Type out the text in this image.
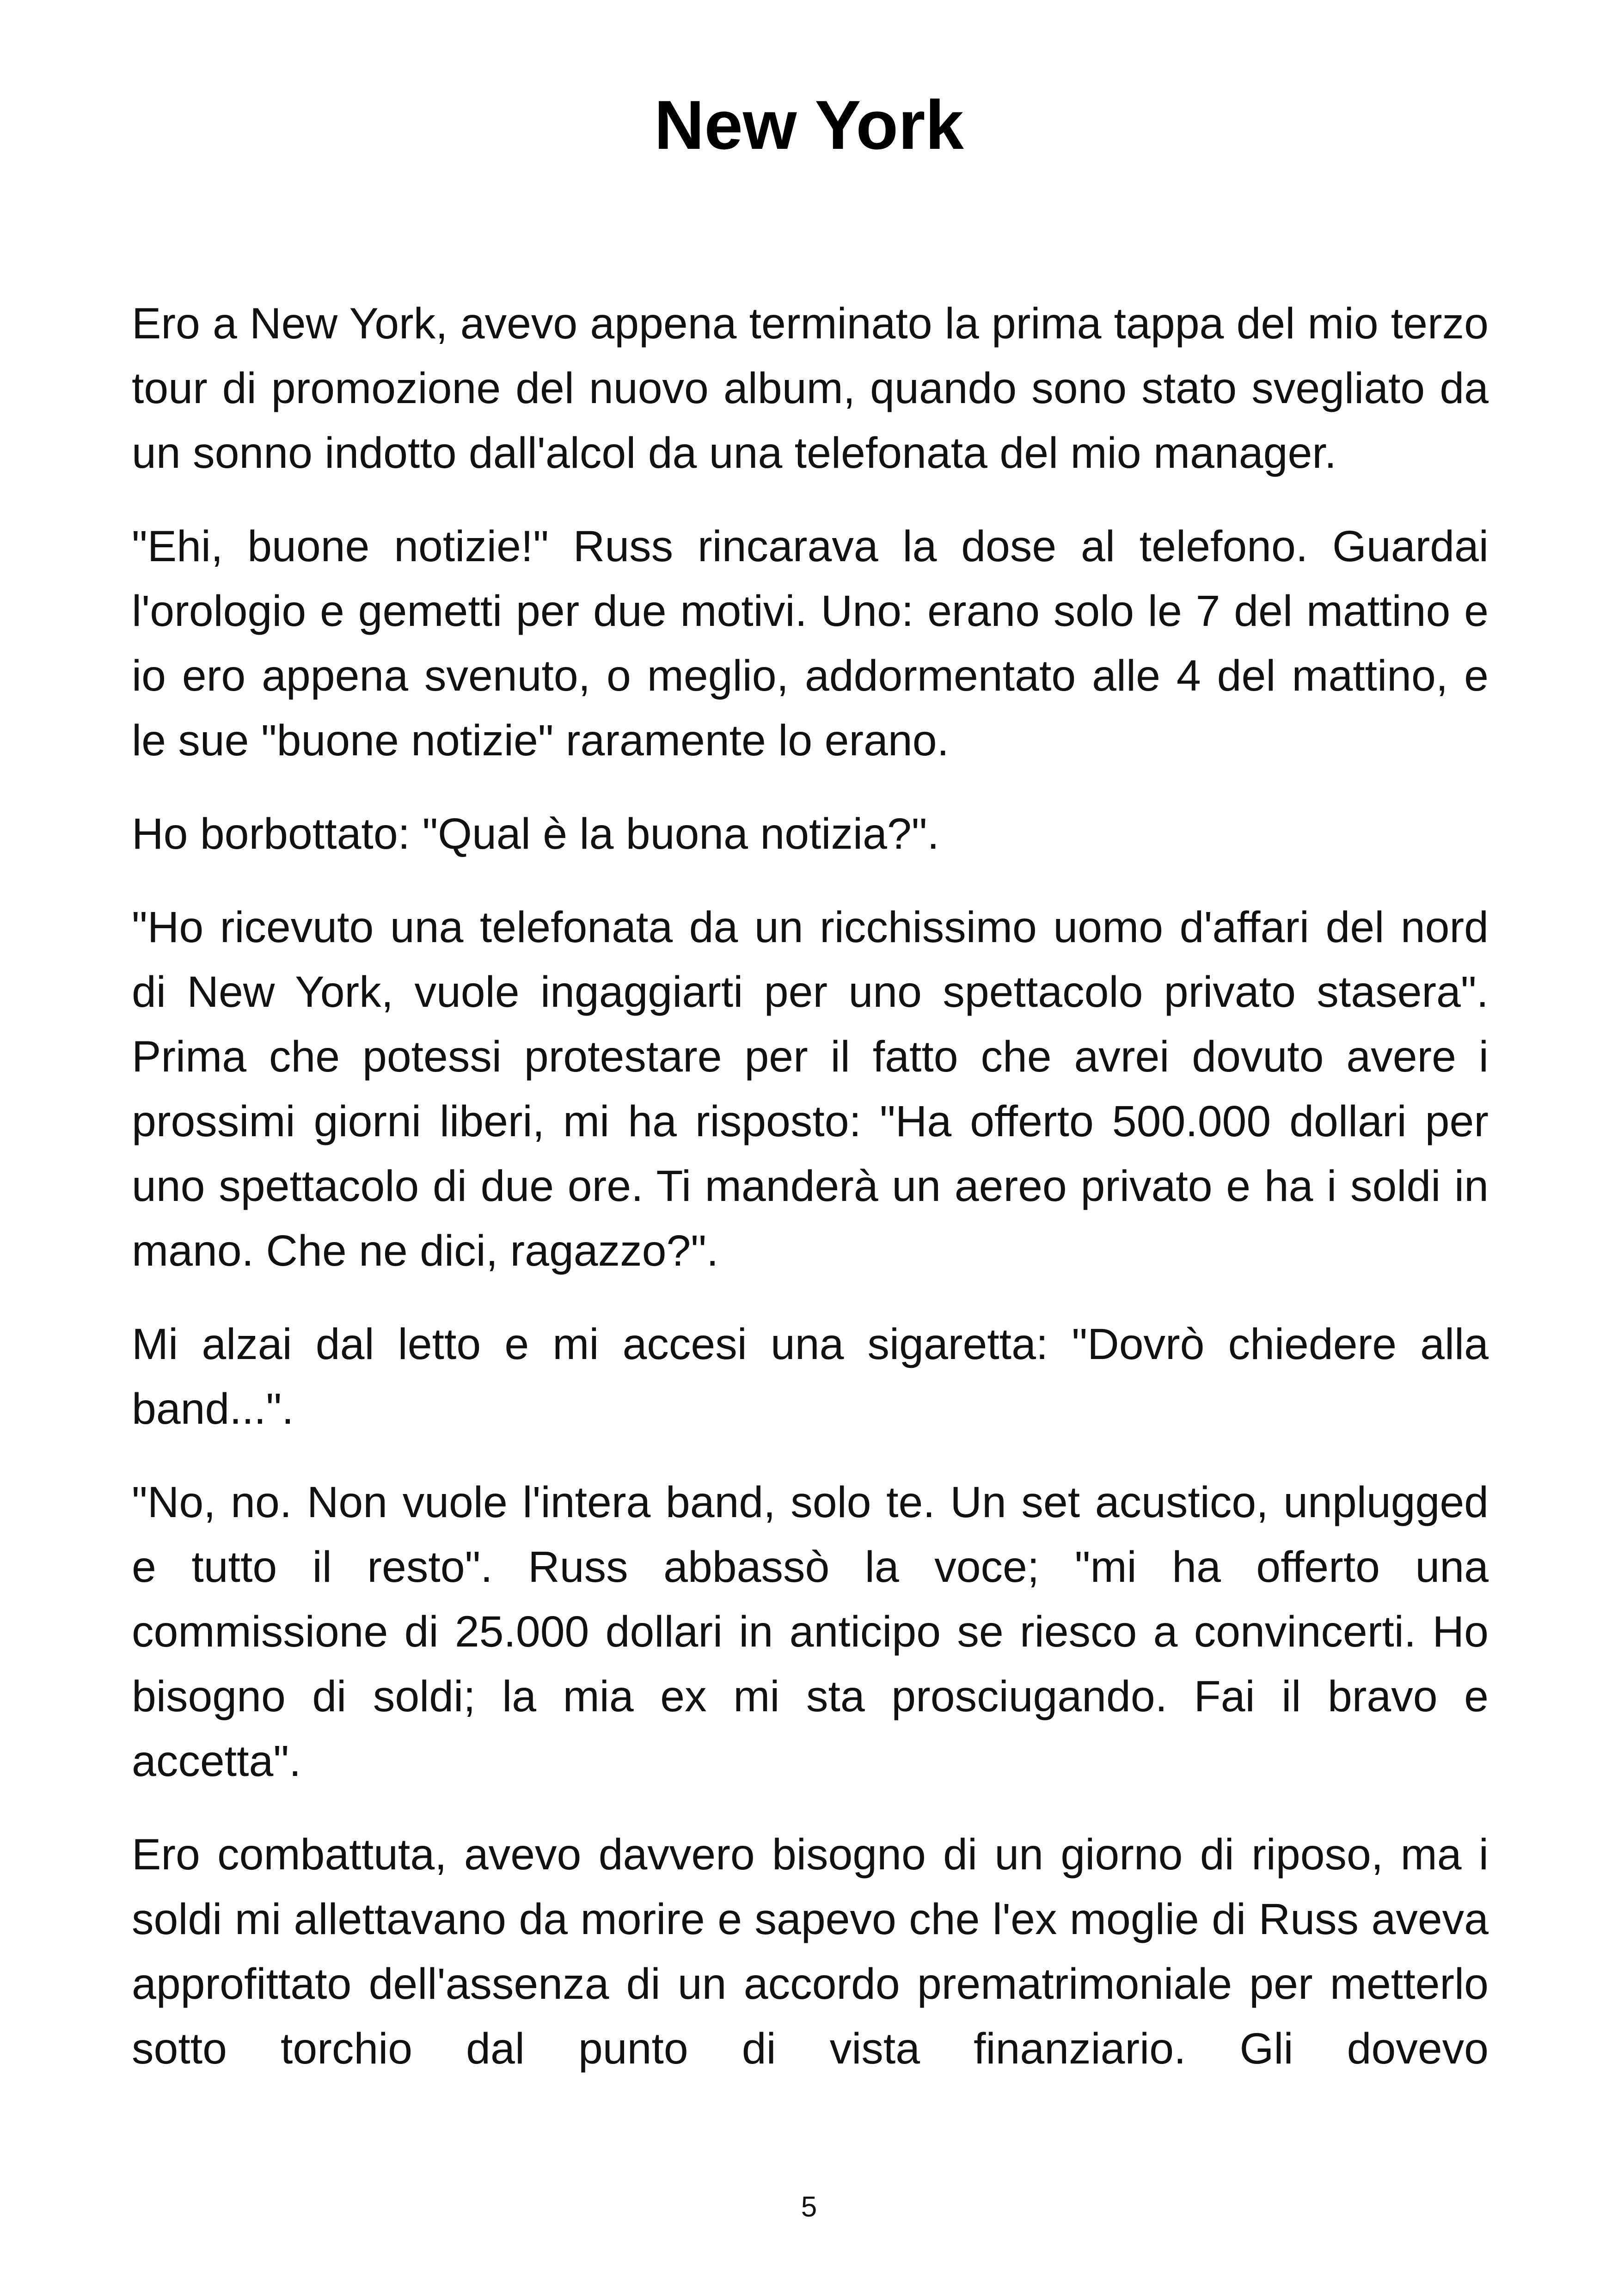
New York

Ero a New York, avevo appena terminato la prima tappa del mio terzo tour di promozione del nuovo album, quando sono stato svegliato da un sonno indotto dall'alcol da una telefonata del mio manager.

"Ehi, buone notizie!" Russ rincarava la dose al telefono. Guardai l'orologio e gemetti per due motivi. Uno: erano solo le 7 del mattino e io ero appena svenuto, o meglio, addormentato alle 4 del mattino, e le sue "buone notizie" raramente lo erano.

Ho borbottato: "Qual è la buona notizia?".

"Ho ricevuto una telefonata da un ricchissimo uomo d'affari del nord di New York, vuole ingaggiarti per uno spettacolo privato stasera". Prima che potessi protestare per il fatto che avrei dovuto avere i prossimi giorni liberi, mi ha risposto: "Ha offerto 500.000 dollari per uno spettacolo di due ore. Ti manderà un aereo privato e ha i soldi in mano. Che ne dici, ragazzo?".

Mi alzai dal letto e mi accesi una sigaretta: "Dovrò chiedere alla band...".

"No, no. Non vuole l'intera band, solo te. Un set acustico, unplugged e tutto il resto". Russ abbassò la voce; "mi ha offerto una commissione di 25.000 dollari in anticipo se riesco a convincerti. Ho bisogno di soldi; la mia ex mi sta prosciugando. Fai il bravo e accetta".

Ero combattuta, avevo davvero bisogno di un giorno di riposo, ma i soldi mi allettavano da morire e sapevo che l'ex moglie di Russ aveva approfittato dell'assenza di un accordo prematrimoniale per metterlo sotto torchio dal punto di vista finanziario. Gli dovevo

5
